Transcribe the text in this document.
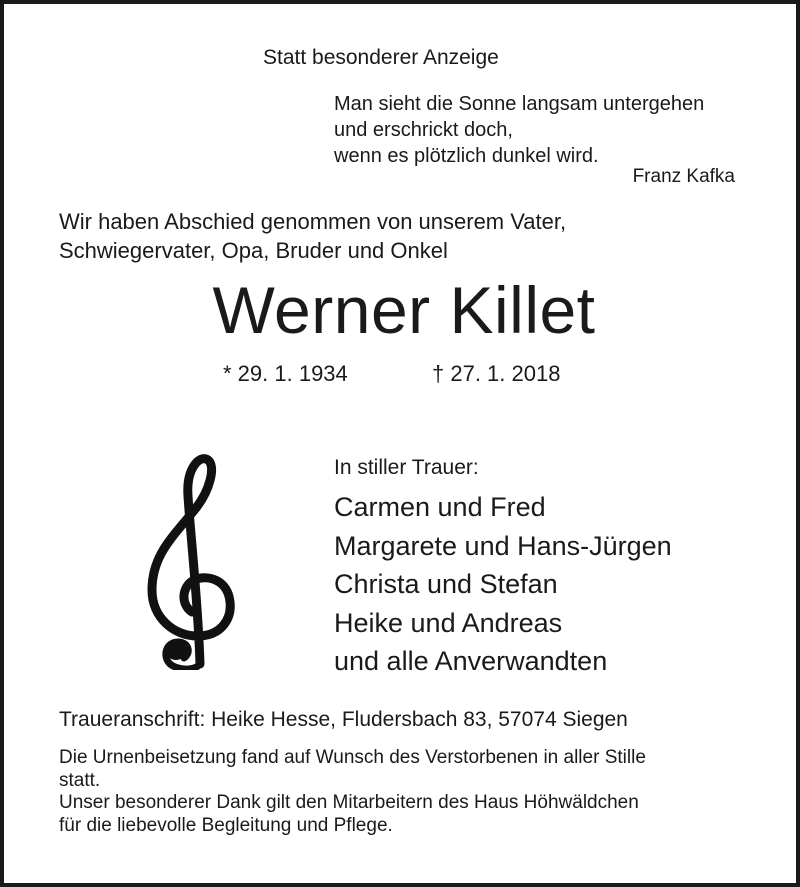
Statt besonderer Anzeige

Man sieht die Sonne langsam untergehen
und erschrickt doch,
wenn es plötzlich dunkel wird.

Franz Kafka

Wir haben Abschied genommen von unserem Vater,
Schwiegervater, Opa, Bruder und Onkel

Werner Killet

* 29. 1. 1934	† 27. 1. 2018

In stiller Trauer:

Carmen und Fred
Margarete und Hans-Jürgen
Christa und Stefan
Heike und Andreas
und alle Anverwandten

Traueranschrift: Heike Hesse, Fludersbach 83, 57074 Siegen

Die Urnenbeisetzung fand auf Wunsch des Verstorbenen in aller Stille
statt.
Unser besonderer Dank gilt den Mitarbeitern des Haus Höhwäldchen
für die liebevolle Begleitung und Pflege.
